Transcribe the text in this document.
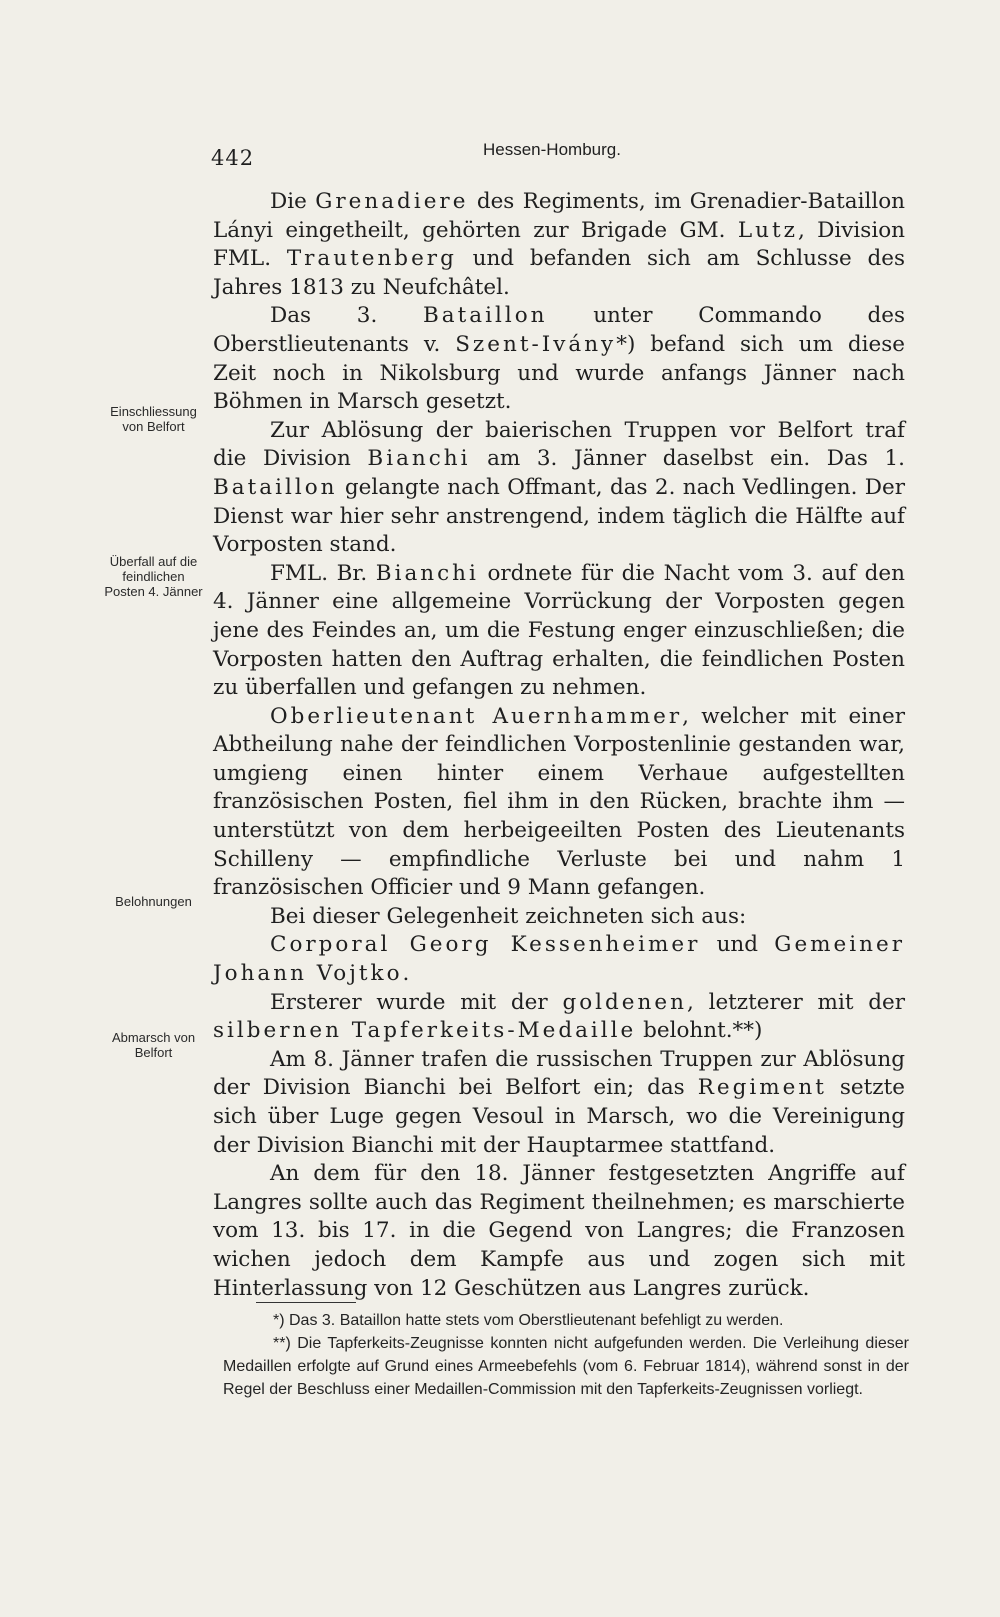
442	Hessen-Homburg.
Einschliessung
von Belfort
Überfall auf die
feindlichen
Posten 4. Jänner
Belohnungen
Abmarsch von
Belfort

Die Grenadiere des Regiments, im Grenadier-Bataillon Lányi eingetheilt, gehörten zur Brigade GM. Lutz, Division FML. Trautenberg und befanden sich am Schlusse des Jahres 1813 zu Neufchâtel.

Das 3. Bataillon unter Commando des Oberstlieutenants v. Szent-Ivány*) befand sich um diese Zeit noch in Nikolsburg und wurde anfangs Jänner nach Böhmen in Marsch gesetzt.

Zur Ablösung der baierischen Truppen vor Belfort traf die Division Bianchi am 3. Jänner daselbst ein. Das 1. Bataillon gelangte nach Offmant, das 2. nach Vedlingen. Der Dienst war hier sehr anstrengend, indem täglich die Hälfte auf Vorposten stand.

FML. Br. Bianchi ordnete für die Nacht vom 3. auf den 4. Jänner eine allgemeine Vorrückung der Vorposten gegen jene des Feindes an, um die Festung enger einzuschließen; die Vorposten hatten den Auftrag erhalten, die feindlichen Posten zu überfallen und gefangen zu nehmen.

Oberlieutenant Auernhammer, welcher mit einer Abtheilung nahe der feindlichen Vorpostenlinie gestanden war, umgieng einen hinter einem Verhaue aufgestellten französischen Posten, fiel ihm in den Rücken, brachte ihm — unterstützt von dem herbeigeeilten Posten des Lieutenants Schilleny — empfindliche Verluste bei und nahm 1 französischen Officier und 9 Mann gefangen.

Bei dieser Gelegenheit zeichneten sich aus:

Corporal Georg Kessenheimer und Gemeiner Johann Vojtko.

Ersterer wurde mit der goldenen, letzterer mit der silbernen Tapferkeits-Medaille belohnt.**)

Am 8. Jänner trafen die russischen Truppen zur Ablösung der Division Bianchi bei Belfort ein; das Regiment setzte sich über Luge gegen Vesoul in Marsch, wo die Vereinigung der Division Bianchi mit der Hauptarmee stattfand.

An dem für den 18. Jänner festgesetzten Angriffe auf Langres sollte auch das Regiment theilnehmen; es marschierte vom 13. bis 17. in die Gegend von Langres; die Franzosen wichen jedoch dem Kampfe aus und zogen sich mit Hinterlassung von 12 Geschützen aus Langres zurück.

*) Das 3. Bataillon hatte stets vom Oberstlieutenant befehligt zu werden.

**) Die Tapferkeits-Zeugnisse konnten nicht aufgefunden werden. Die Verleihung dieser Medaillen erfolgte auf Grund eines Armeebefehls (vom 6. Februar 1814), während sonst in der Regel der Beschluss einer Medaillen-Commission mit den Tapferkeits-Zeugnissen vorliegt.
